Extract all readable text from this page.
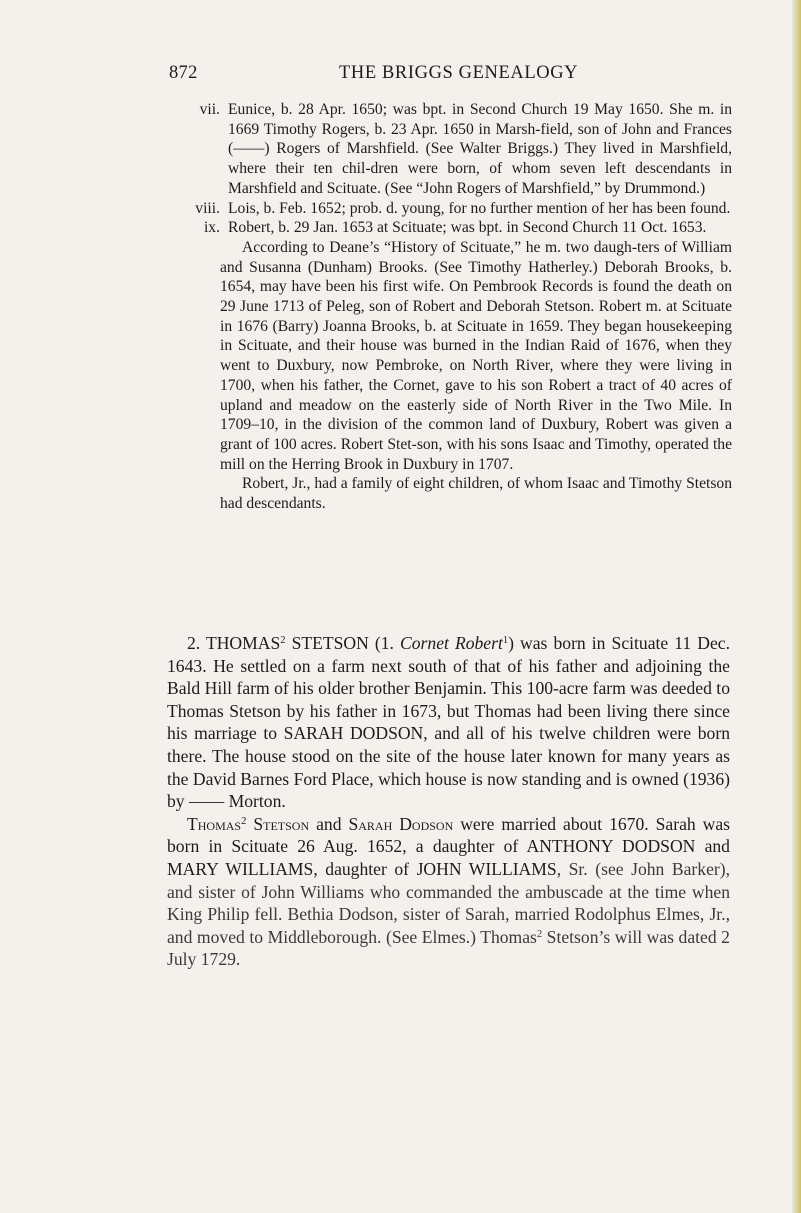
872	THE BRIGGS GENEALOGY
vii. Eunice, b. 28 Apr. 1650; was bpt. in Second Church 19 May 1650. She m. in 1669 Timothy Rogers, b. 23 Apr. 1650 in Marsh-field, son of John and Frances (——) Rogers of Marshfield. (See Walter Briggs.) They lived in Marshfield, where their ten chil-dren were born, of whom seven left descendants in Marshfield and Scituate. (See “John Rogers of Marshfield,” by Drummond.)
viii. Lois, b. Feb. 1652; prob. d. young, for no further mention of her has been found.
ix. Robert, b. 29 Jan. 1653 at Scituate; was bpt. in Second Church 11 Oct. 1653.

According to Deane’s “History of Scituate,” he m. two daugh-ters of William and Susanna (Dunham) Brooks. (See Timothy Hatherley.) Deborah Brooks, b. 1654, may have been his first wife. On Pembrook Records is found the death on 29 June 1713 of Peleg, son of Robert and Deborah Stetson. Robert m. at Scituate in 1676 (Barry) Joanna Brooks, b. at Scituate in 1659. They began housekeeping in Scituate, and their house was burned in the Indian Raid of 1676, when they went to Duxbury, now Pembroke, on North River, where they were living in 1700, when his father, the Cornet, gave to his son Robert a tract of 40 acres of upland and meadow on the easterly side of North River in the Two Mile. In 1709–10, in the division of the common land of Duxbury, Robert was given a grant of 100 acres. Robert Stet-son, with his sons Isaac and Timothy, operated the mill on the Herring Brook in Duxbury in 1707.

Robert, Jr., had a family of eight children, of whom Isaac and Timothy Stetson had descendants.

2. THOMAS$^2$ STETSON (1. Cornet Robert$^1$) was born in Scituate 11 Dec. 1643. He settled on a farm next south of that of his father and adjoining the Bald Hill farm of his older brother Benjamin. This 100-acre farm was deeded to Thomas Stetson by his father in 1673, but Thomas had been living there since his marriage to SARAH DODSON, and all of his twelve children were born there. The house stood on the site of the house later known for many years as the David Barnes Ford Place, which house is now standing and is owned (1936) by —— Morton.

Thomas$^2$ Stetson and Sarah Dodson were married about 1670. Sarah was born in Scituate 26 Aug. 1652, a daughter of ANTHONY DODSON and MARY WILLIAMS, daughter of JOHN WILLIAMS, Sr. (see John Barker), and sister of John Williams who commanded the ambuscade at the time when King Philip fell. Bethia Dodson, sister of Sarah, married Rodolphus Elmes, Jr., and moved to Middleborough. (See Elmes.) Thomas$^2$ Stetson’s will was dated 2 July 1729.
